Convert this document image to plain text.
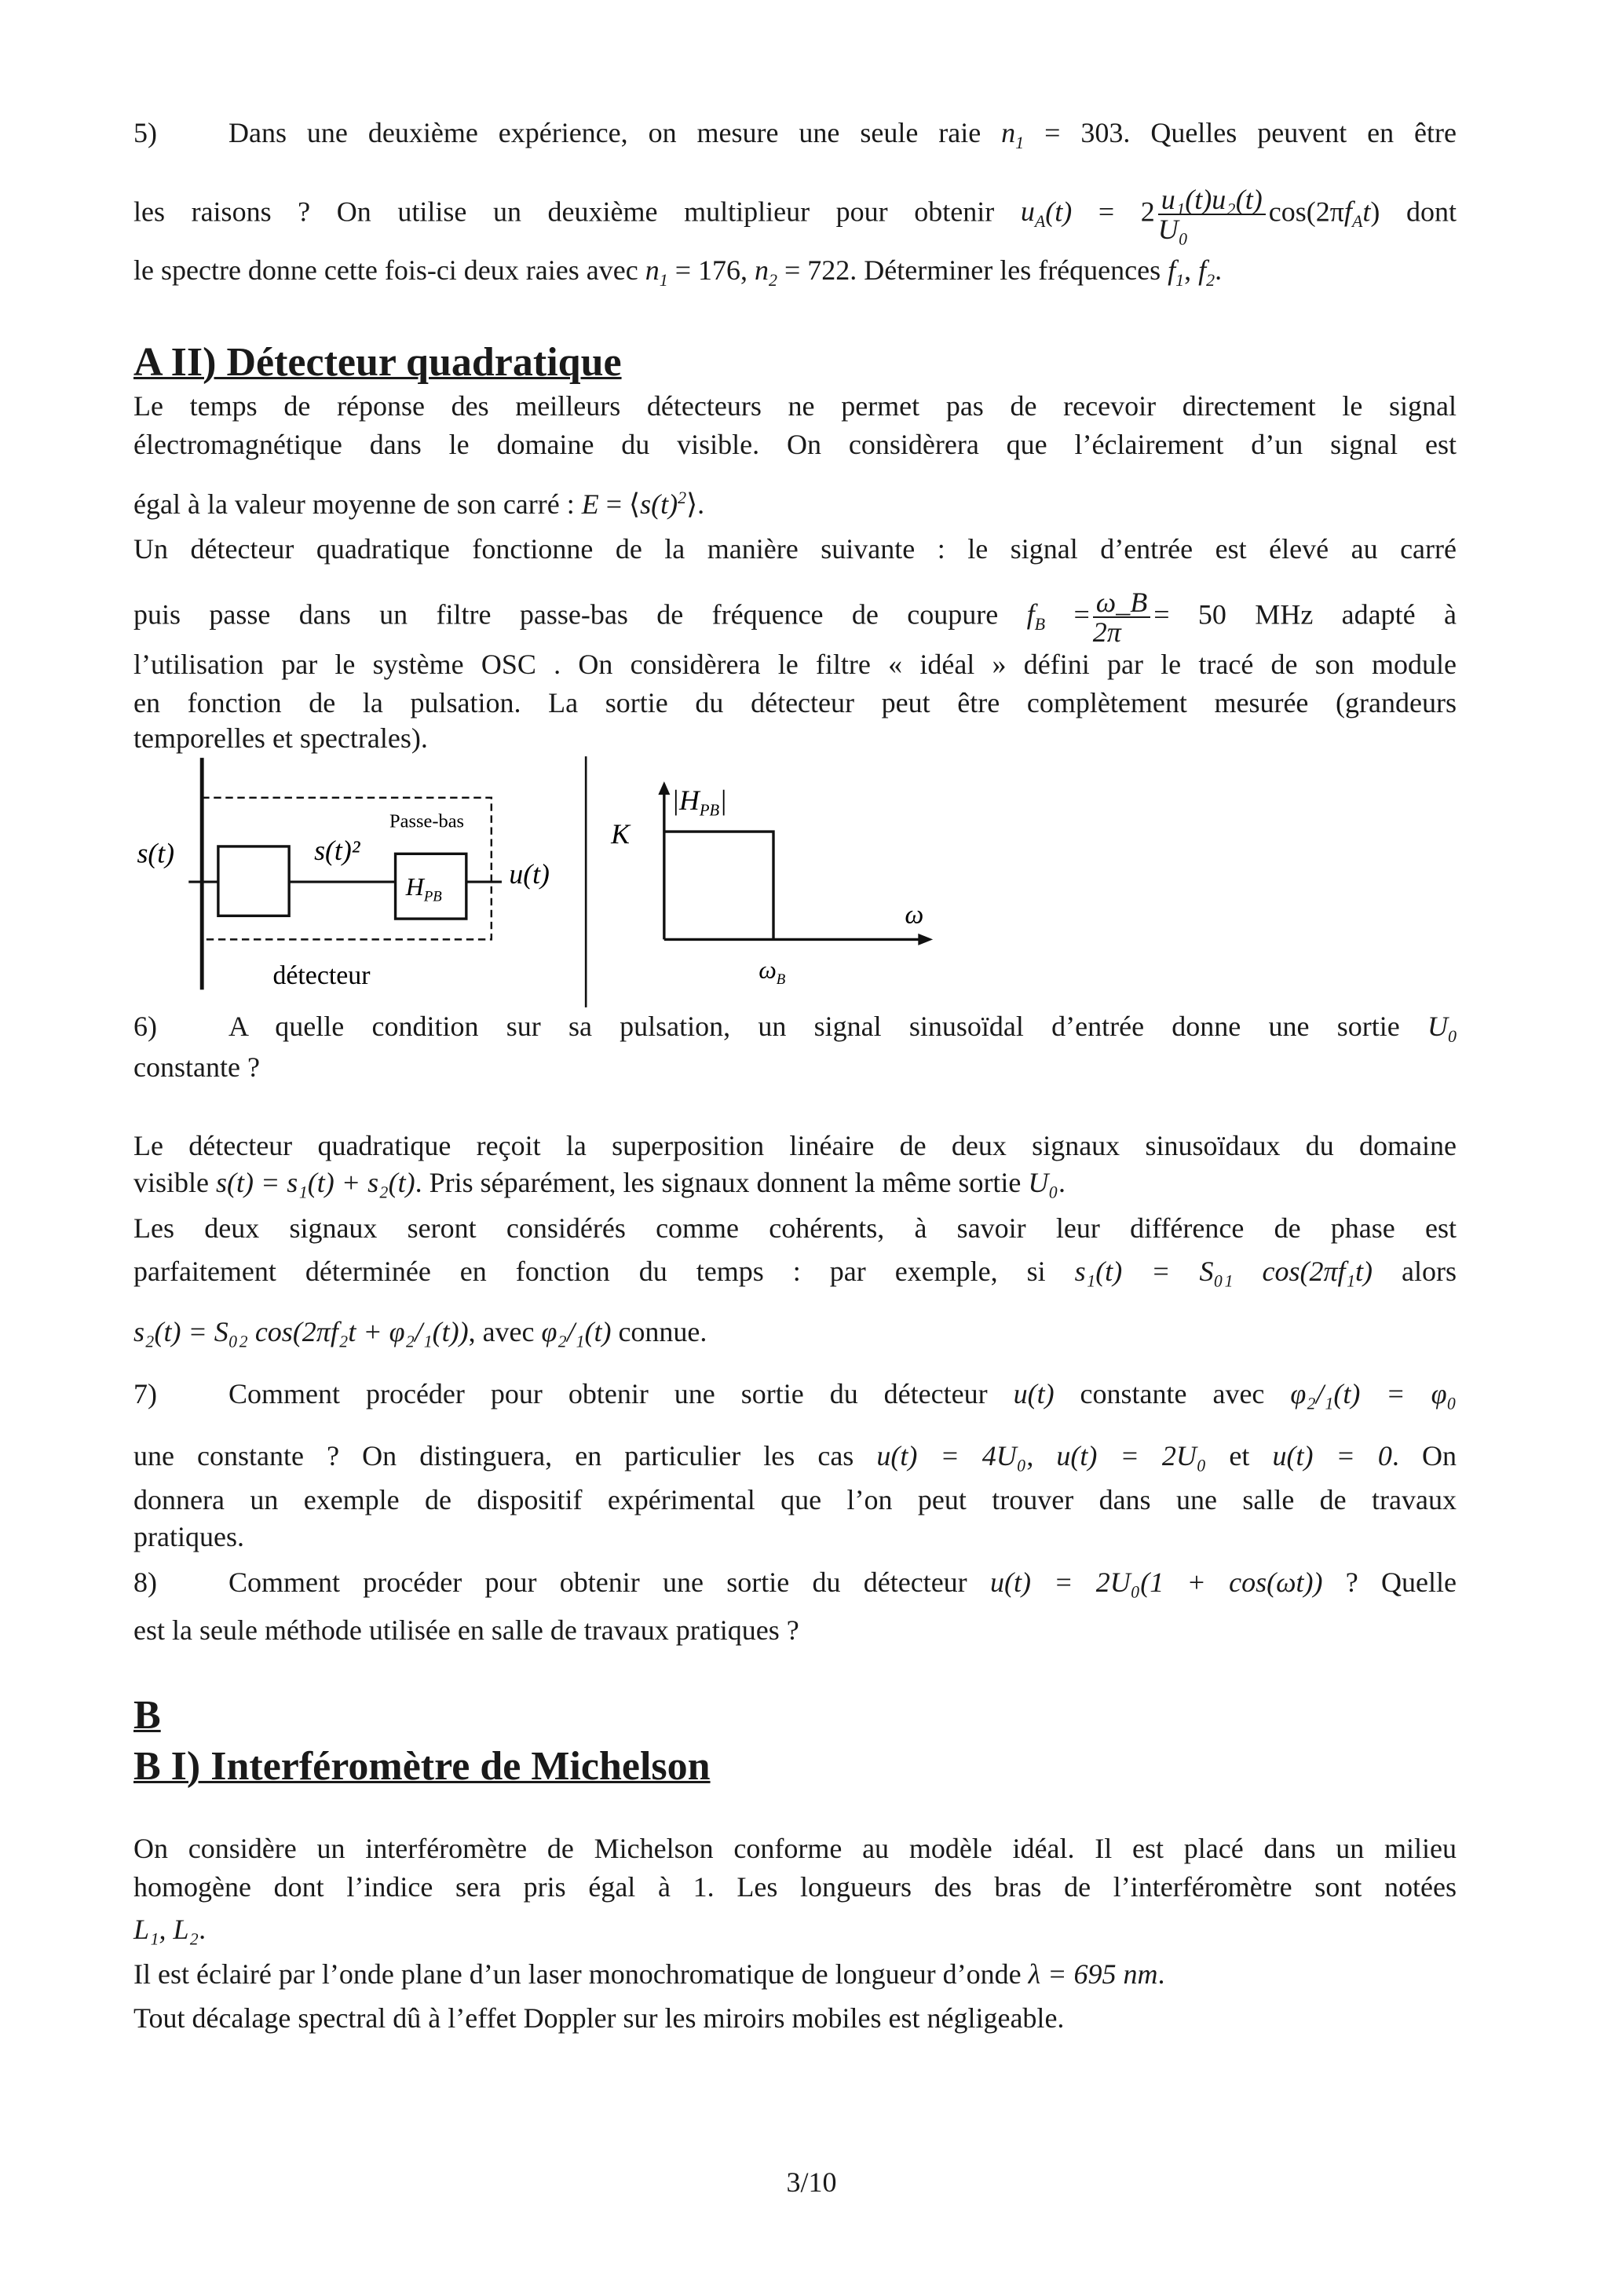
A II) Détecteur quadratique
B
B I) Interféromètre de Michelson
s(t)	s(t)²
Passe-bas
$H_{PB}$
u(t)
détecteur
K
$|H_{PB}|$
ω
$\omega_B$
3/10
5)	Dans une deuxième expérience, on mesure une seule raie $n_1 = 303$. Quelles peuvent en être
les raisons ? On utilise un deuxième multiplieur pour obtenir $u_A(t) = 2 \frac{\text{u₁(t)u₂(t)}}{\text{U₀}} \cos(2\pi f_At)$ dont
le spectre donne cette fois-ci deux raies avec $n_1 = 176$, $n_2 = 722$. Déterminer les fréquences $f_1$, $f_2$.
Le temps de réponse des meilleurs détecteurs ne permet pas de recevoir directement le signal
électromagnétique dans le domaine du visible. On considèrera que l’éclairement d’un signal est
égal à la valeur moyenne de son carré : $E = ⟨s(t)^2⟩$.
Un détecteur quadratique fonctionne de la manière suivante : le signal d’entrée est élevé au carré
puis passe dans un filtre passe-bas de fréquence de coupure $f_B = \frac{\omega\_B}{2\pi} = 50$ MHz adapté à
l’utilisation par le système OSC . On considèrera le filtre « idéal » défini par le tracé de son module
en fonction de la pulsation. La sortie du détecteur peut être complètement mesurée (grandeurs
temporelles et spectrales).
6)	A quelle condition sur sa pulsation, un signal sinusoïdal d’entrée donne une sortie $U_0$
constante ?
Le détecteur quadratique reçoit la superposition linéaire de deux signaux sinusoïdaux du domaine
visible s(t) = s₁(t) + s₂(t). Pris séparément, les signaux donnent la même sortie U₀.
Les deux signaux seront considérés comme cohérents, à savoir leur différence de phase est
parfaitement déterminée en fonction du temps : par exemple, si s₁(t) = S₀₁ cos(2πf₁t) alors
s₂(t) = S₀₂ cos(2πf₂t + φ₂/₁(t)), avec φ₂/₁(t) connue.
7)	Comment procéder pour obtenir une sortie du détecteur u(t) constante avec φ₂/₁(t) = φ₀
une constante ? On distinguera, en particulier les cas u(t) = 4U₀, u(t) = 2U₀ et u(t) = 0. On
donnera un exemple de dispositif expérimental que l’on peut trouver dans une salle de travaux
pratiques.
8)	Comment procéder pour obtenir une sortie du détecteur u(t) = 2U₀(1 + cos(ωt)) ? Quelle
est la seule méthode utilisée en salle de travaux pratiques ?
On considère un interféromètre de Michelson conforme au modèle idéal. Il est placé dans un milieu
homogène dont l’indice sera pris égal à 1. Les longueurs des bras de l’interféromètre sont notées
L₁, L₂.
Il est éclairé par l’onde plane d’un laser monochromatique de longueur d’onde λ = 695 nm.
Tout décalage spectral dû à l’effet Doppler sur les miroirs mobiles est négligeable.
